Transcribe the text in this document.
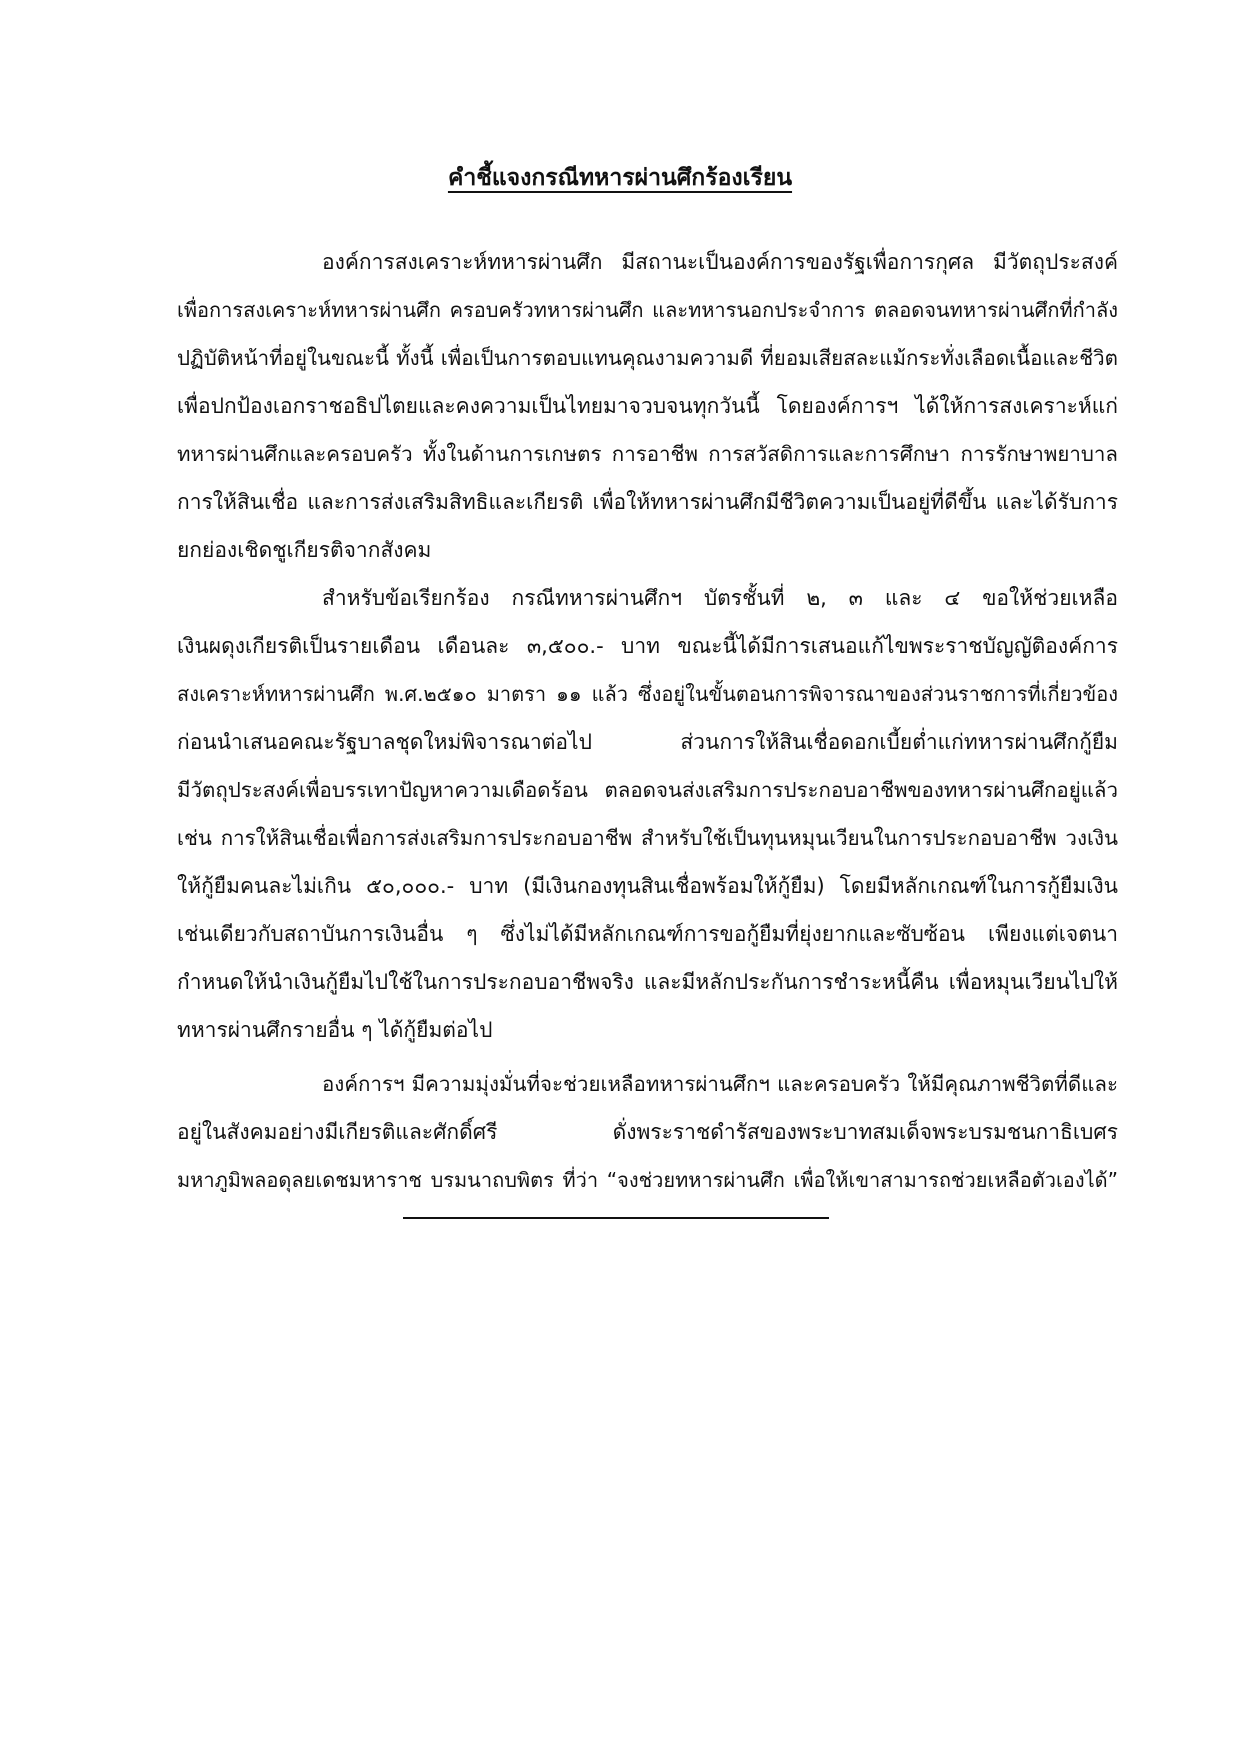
คำชี้แจงกรณีทหารผ่านศึกร้องเรียน
องค์การสงเคราะห์ทหารผ่านศึก มีสถานะเป็นองค์การของรัฐเพื่อการกุศล มีวัตถุประสงค์
เพื่อการสงเคราะห์ทหารผ่านศึก ครอบครัวทหารผ่านศึก และทหารนอกประจำการ ตลอดจนทหารผ่านศึกที่กำลัง
ปฏิบัติหน้าที่อยู่ในขณะนี้ ทั้งนี้ เพื่อเป็นการตอบแทนคุณงามความดี ที่ยอมเสียสละแม้กระทั่งเลือดเนื้อและชีวิต
เพื่อปกป้องเอกราชอธิปไตยและคงความเป็นไทยมาจวบจนทุกวันนี้ โดยองค์การฯ ได้ให้การสงเคราะห์แก่
ทหารผ่านศึกและครอบครัว ทั้งในด้านการเกษตร การอาชีพ การสวัสดิการและการศึกษา การรักษาพยาบาล
การให้สินเชื่อ และการส่งเสริมสิทธิและเกียรติ เพื่อให้ทหารผ่านศึกมีชีวิตความเป็นอยู่ที่ดีขึ้น และได้รับการ
ยกย่องเชิดชูเกียรติจากสังคม
สำหรับข้อเรียกร้อง กรณีทหารผ่านศึกฯ บัตรชั้นที่ ๒, ๓ และ ๔ ขอให้ช่วยเหลือ
เงินผดุงเกียรติเป็นรายเดือน เดือนละ ๓,๕๐๐.- บาท ขณะนี้ได้มีการเสนอแก้ไขพระราชบัญญัติองค์การ
สงเคราะห์ทหารผ่านศึก พ.ศ.๒๕๑๐ มาตรา ๑๑ แล้ว ซึ่งอยู่ในขั้นตอนการพิจารณาของส่วนราชการที่เกี่ยวข้อง
ก่อนนำเสนอคณะรัฐบาลชุดใหม่พิจารณาต่อไป ส่วนการให้สินเชื่อดอกเบี้ยต่ำแก่ทหารผ่านศึกกู้ยืม
มีวัตถุประสงค์เพื่อบรรเทาปัญหาความเดือดร้อน ตลอดจนส่งเสริมการประกอบอาชีพของทหารผ่านศึกอยู่แล้ว
เช่น การให้สินเชื่อเพื่อการส่งเสริมการประกอบอาชีพ สำหรับใช้เป็นทุนหมุนเวียนในการประกอบอาชีพ วงเงิน
ให้กู้ยืมคนละไม่เกิน ๕๐,๐๐๐.- บาท (มีเงินกองทุนสินเชื่อพร้อมให้กู้ยืม) โดยมีหลักเกณฑ์ในการกู้ยืมเงิน
เช่นเดียวกับสถาบันการเงินอื่น ๆ ซึ่งไม่ได้มีหลักเกณฑ์การขอกู้ยืมที่ยุ่งยากและซับซ้อน เพียงแต่เจตนา
กำหนดให้นำเงินกู้ยืมไปใช้ในการประกอบอาชีพจริง และมีหลักประกันการชำระหนี้คืน เพื่อหมุนเวียนไปให้
ทหารผ่านศึกรายอื่น ๆ ได้กู้ยืมต่อไป
องค์การฯ มีความมุ่งมั่นที่จะช่วยเหลือทหารผ่านศึกฯ และครอบครัว ให้มีคุณภาพชีวิตที่ดีและ
อยู่ในสังคมอย่างมีเกียรติและศักดิ์ศรี ดั่งพระราชดำรัสของพระบาทสมเด็จพระบรมชนกาธิเบศร
มหาภูมิพลอดุลยเดชมหาราช บรมนาถบพิตร ที่ว่า “จงช่วยทหารผ่านศึก เพื่อให้เขาสามารถช่วยเหลือตัวเองได้”
